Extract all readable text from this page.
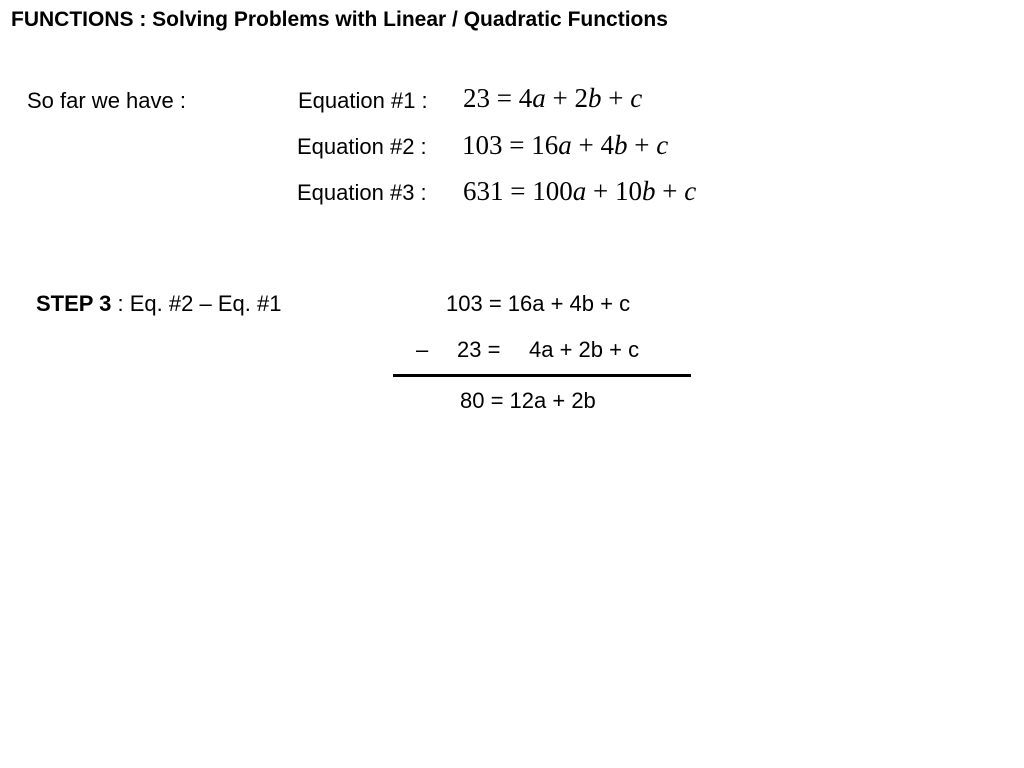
FUNCTIONS : Solving Problems with Linear / Quadratic Functions
So far we have :	Equation #1 : 23 = 4a + 2b + c
Equation #2 : 103 = 16a + 4b + c
Equation #3 : 631 = 100a + 10b + c
STEP 3 : Eq. #2 – Eq. #1	103 = 16a + 4b + c
– 23 = 4a + 2b + c
80 = 12a + 2b
